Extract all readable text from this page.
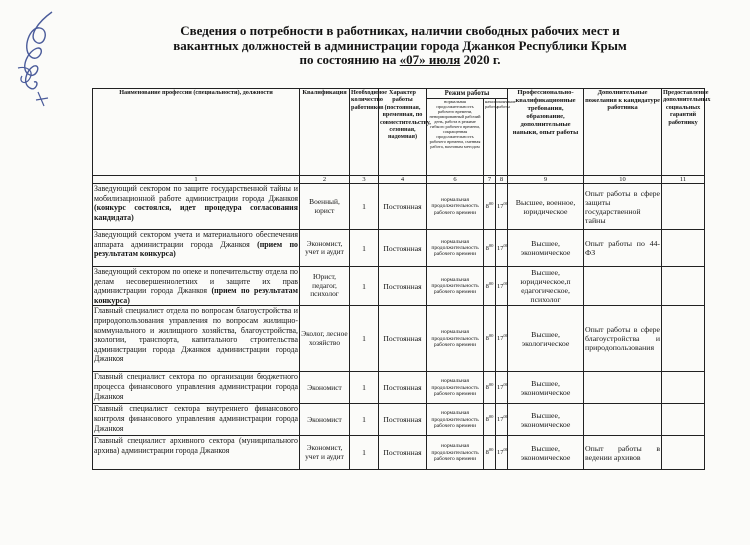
Сведения о потребности в работниках, наличии свободных рабочих мест и
вакантных должностей в администрации города Джанкоя Республики Крым
по состоянию на «07» июля 2020 г.
Наименование профессии (специальности), должности	Квалификация	Необходимое количество работников	Характер работы (постоянная, временная, по совместительству, сезонная, надомная)	Режим работы			Профессионально-квалификационные требования, образование, дополнительные навыки, опыт работы	Дополнительные пожелания к кандидатуре работника	Предоставление дополнительных социальных гарантий работнику
				нормальная продолжительность рабочего времени, ненормированный рабочий день, работа в режиме гибкого рабочего времени, сокращенная продолжительность рабочего времени, сменная работа, вахтовым методом	начало работы	окончание работы			
1	2	3	4	6	7	8	9	10	11
Заведующий сектором по защите государственной тайны и мобилизационной работе администрации города Джанкоя (конкурс состоялся, идет процедура согласования кандидата)	Военный, юрист	1	Постоянная	нормальная продолжительность рабочего времени	$8^{00}$	$17^{00}$	Высшее, военное, юридическое	Опыт работы в сфере защиты государственной тайны	
Заведующий сектором учета и материального обеспечения аппарата администрации города Джанкоя (прием по результатам конкурса)	Экономист, учет и аудит	1	Постоянная	нормальная продолжительность рабочего времени	$8^{00}$	$17^{00}$	Высшее, экономическое	Опыт работы по 44-ФЗ	
Заведующий сектором по опеке и попечительству отдела по делам несовершеннолетних и защите их прав администрации города Джанкоя (прием по результатам конкурса)	Юрист, педагог, психолог	1	Постоянная	нормальная продолжительность рабочего времени	$8^{00}$	$17^{00}$	Высшее, юридическое,п едагогическое, психолог		
Главный специалист отдела по вопросам благоустройства и природопользования управления по вопросам жилищно-коммунального и жилищного хозяйства, благоустройства, экологии, транспорта, капитального строительства администрации города Джанкоя администрации города Джанкоя	Эколог, лесное хозяйство	1	Постоянная	нормальная продолжительность рабочего времени	$8^{00}$	$17^{00}$	Высшее, экологическое	Опыт работы в сфере благоустройства и природопользования	
Главный специалист сектора по организации бюджетного процесса финансового управления администрации города Джанкоя	Экономист	1	Постоянная	нормальная продолжительность рабочего времени	$8^{00}$	$17^{00}$	Высшее, экономическое		
Главный специалист сектора внутреннего финансового контроля финансового управления администрации города Джанкоя	Экономист	1	Постоянная	нормальная продолжительность рабочего времени	$8^{00}$	$17^{00}$	Высшее, экономическое		
Главный специалист архивного сектора (муниципального архива) администрации города Джанкоя	Экономист, учет и аудит	1	Постоянная	нормальная продолжительность рабочего времени	$8^{00}$	$17^{00}$	Высшее, экономическое	Опыт работы в ведении архивов	
